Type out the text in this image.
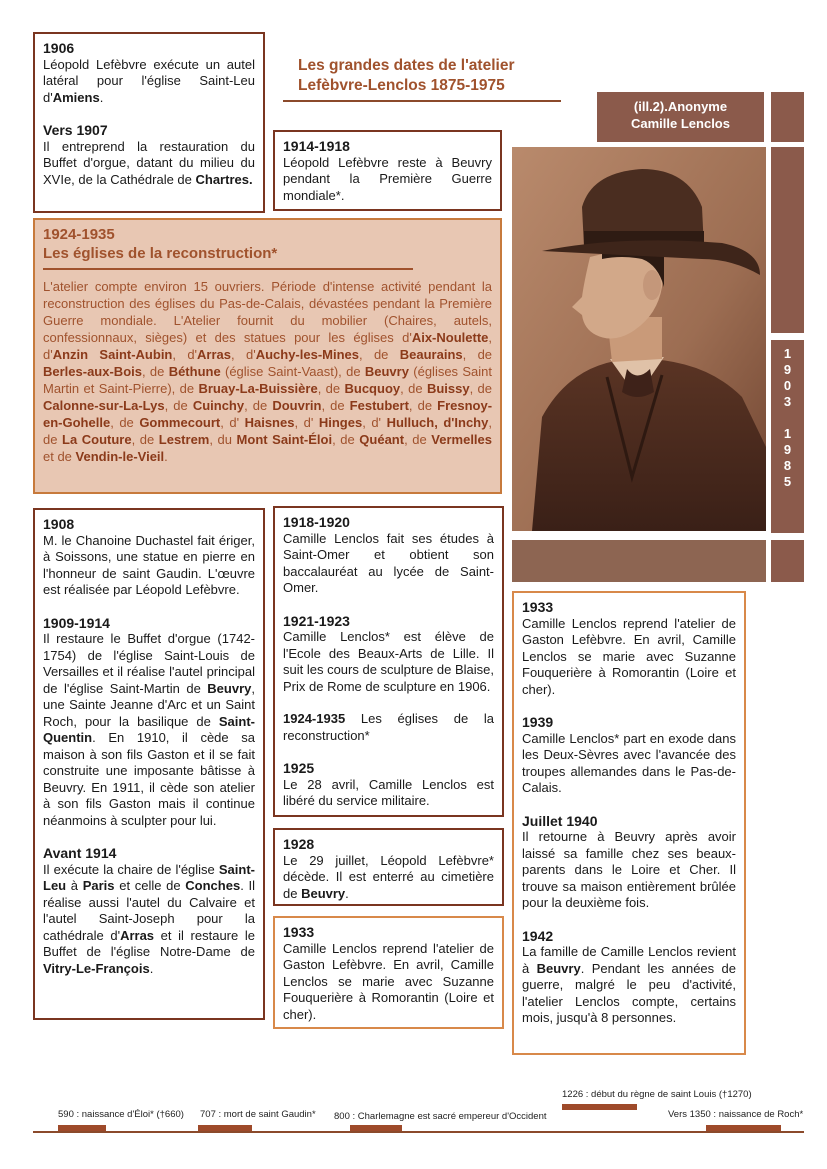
1906

Léopold Lefèbvre exécute un autel latéral pour l'église Saint-Leu d'Amiens.

Vers 1907

Il entreprend la restauration du Buffet d'orgue, datant du milieu du XVIe, de la Cathédrale de Chartres.

Les grandes dates de l'atelier
Lefèbvre-Lenclos 1875-1975
1914-1918

Léopold Lefèbvre reste à Beuvry pendant la Première Guerre mondiale*.

(ill.2).Anonyme
Camille Lenclos
1
9
0
3
1
9
8
5
1924-1935
Les églises de la reconstruction*

L'atelier compte environ 15 ouvriers. Période d'intense activité pendant la reconstruction des églises du Pas-de-Calais, dévastées pendant la Première Guerre mondiale. L'Atelier fournit du mobilier (Chaires, autels, confessionnaux, sièges) et des statues pour les églises d'Aix-Noulette, d'Anzin Saint-Aubin, d'Arras, d'Auchy-les-Mines, de Beaurains, de Berles-aux-Bois, de Béthune (église Saint-Vaast), de Beuvry (églises Saint Martin et Saint-Pierre), de Bruay-La-Buissière, de Bucquoy, de Buissy, de Calonne-sur-La-Lys, de Cuinchy, de Douvrin, de Festubert, de Fresnoy-en-Gohelle, de Gommecourt, d' Haisnes, d' Hinges, d' Hulluch, d'Inchy, de La Couture, de Lestrem, du Mont Saint-Éloi, de Quéant, de Vermelles et de Vendin-le-Vieil.

1908

M. le Chanoine Duchastel fait ériger, à Soissons, une statue en pierre en l'honneur de saint Gaudin. L'œuvre est réalisée par Léopold Lefèbvre.

1909-1914

Il restaure le Buffet d'orgue (1742-1754) de l'église Saint-Louis de Versailles et il réalise l'autel principal de l'église Saint-Martin de Beuvry, une Sainte Jeanne d'Arc et un Saint Roch, pour la basilique de Saint-Quentin. En 1910, il cède sa maison à son fils Gaston et il se fait construite une imposante bâtisse à Beuvry. En 1911, il cède son atelier à son fils Gaston mais il continue néanmoins à sculpter pour lui.

Avant 1914

Il exécute la chaire de l'église Saint-Leu à Paris et celle de Conches. Il réalise aussi l'autel du Calvaire et l'autel Saint-Joseph pour la cathédrale d'Arras et il restaure le Buffet de l'église Notre-Dame de Vitry-Le-François.

1918-1920

Camille Lenclos fait ses études à Saint-Omer et obtient son baccalauréat au lycée de Saint-Omer.

1921-1923

Camille Lenclos* est élève de l'Ecole des Beaux-Arts de Lille. Il suit les cours de sculpture de Blaise, Prix de Rome de sculpture en 1906.

1924-1935 Les églises de la reconstruction*

1925

Le 28 avril, Camille Lenclos est libéré du service militaire.

1928

Le 29 juillet, Léopold Lefèbvre* décède. Il est enterré au cimetière de Beuvry.

1933

Camille Lenclos reprend l'atelier de Gaston Lefèbvre. En avril, Camille Lenclos se marie avec Suzanne Fouquerière à Romorantin (Loire et cher).

1933

Camille Lenclos reprend l'atelier de Gaston Lefèbvre. En avril, Camille Lenclos se marie avec Suzanne Fouquerière à Romorantin (Loire et cher).

1939

Camille Lenclos* part en exode dans les Deux-Sèvres avec l'avancée des troupes allemandes dans le Pas-de-Calais.

Juillet 1940

Il retourne à Beuvry après avoir laissé sa famille chez ses beaux-parents dans le Loire et Cher. Il trouve sa maison entièrement brûlée pour la deuxième fois.

1942

La famille de Camille Lenclos revient à Beuvry. Pendant les années de guerre, malgré le peu d'activité, l'atelier Lenclos compte, certains mois, jusqu'à 8 personnes.

590 : naissance d'Éloi* (†660) 707 : mort de saint Gaudin* 800 : Charlemagne est sacré empereur d'Occident
1226 : début du règne de saint Louis (†1270)
Vers 1350 : naissance de Roch*
